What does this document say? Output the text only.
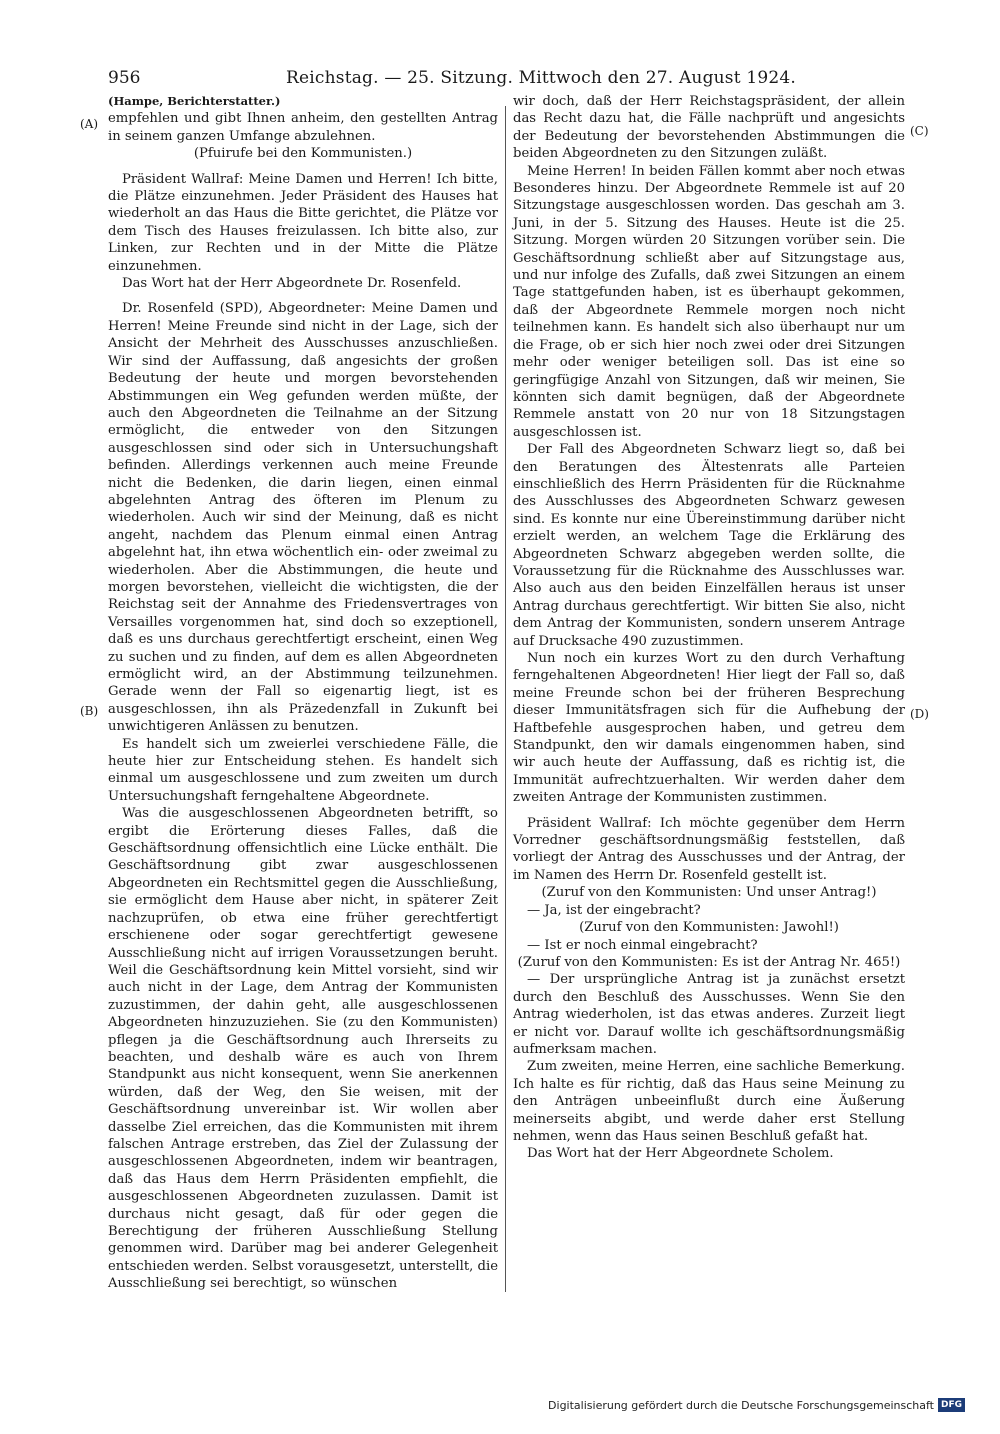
956	Reichstag. — 25. Sitzung. Mittwoch den 27. August 1924.
(A)
(B)
(C)
(D)

(Hampe, Berichterstatter.)

empfehlen und gibt Ihnen anheim, den gestellten Antrag in seinem ganzen Umfange abzulehnen.

(Pfuirufe bei den Kommunisten.)

Präsident Wallraf: Meine Damen und Herren! Ich bitte, die Plätze einzunehmen. Jeder Präsident des Hauses hat wiederholt an das Haus die Bitte gerichtet, die Plätze vor dem Tisch des Hauses freizulassen. Ich bitte also, zur Linken, zur Rechten und in der Mitte die Plätze einzunehmen.

Das Wort hat der Herr Abgeordnete Dr. Rosenfeld.

Dr. Rosenfeld (SPD), Abgeordneter: Meine Damen und Herren! Meine Freunde sind nicht in der Lage, sich der Ansicht der Mehrheit des Ausschusses anzuschließen. Wir sind der Auffassung, daß angesichts der großen Bedeutung der heute und morgen bevorstehenden Abstimmungen ein Weg gefunden werden müßte, der auch den Abgeordneten die Teilnahme an der Sitzung ermöglicht, die entweder von den Sitzungen ausgeschlossen sind oder sich in Untersuchungshaft befinden. Allerdings verkennen auch meine Freunde nicht die Bedenken, die darin liegen, einen einmal abgelehnten Antrag des öfteren im Plenum zu wiederholen. Auch wir sind der Meinung, daß es nicht angeht, nachdem das Plenum einmal einen Antrag abgelehnt hat, ihn etwa wöchentlich ein- oder zweimal zu wiederholen. Aber die Abstimmungen, die heute und morgen bevorstehen, vielleicht die wichtigsten, die der Reichstag seit der Annahme des Friedensvertrages von Versailles vorgenommen hat, sind doch so exzeptionell, daß es uns durchaus gerechtfertigt erscheint, einen Weg zu suchen und zu finden, auf dem es allen Abgeordneten ermöglicht wird, an der Abstimmung teilzunehmen. Gerade wenn der Fall so eigenartig liegt, ist es ausgeschlossen, ihn als Präzedenzfall in Zukunft bei unwichtigeren Anlässen zu benutzen.

Es handelt sich um zweierlei verschiedene Fälle, die heute hier zur Entscheidung stehen. Es handelt sich einmal um ausgeschlossene und zum zweiten um durch Untersuchungshaft ferngehaltene Abgeordnete.

Was die ausgeschlossenen Abgeordneten betrifft, so ergibt die Erörterung dieses Falles, daß die Geschäftsordnung offensichtlich eine Lücke enthält. Die Geschäftsordnung gibt zwar ausgeschlossenen Abgeordneten ein Rechtsmittel gegen die Ausschließung, sie ermöglicht dem Hause aber nicht, in späterer Zeit nachzuprüfen, ob etwa eine früher gerechtfertigt erschienene oder sogar gerechtfertigt gewesene Ausschließung nicht auf irrigen Voraussetzungen beruht. Weil die Geschäftsordnung kein Mittel vorsieht, sind wir auch nicht in der Lage, dem Antrag der Kommunisten zuzustimmen, der dahin geht, alle ausgeschlossenen Abgeordneten hinzuzuziehen. Sie (zu den Kommunisten) pflegen ja die Geschäftsordnung auch Ihrerseits zu beachten, und deshalb wäre es auch von Ihrem Standpunkt aus nicht konsequent, wenn Sie anerkennen würden, daß der Weg, den Sie weisen, mit der Geschäftsordnung unvereinbar ist. Wir wollen aber dasselbe Ziel erreichen, das die Kommunisten mit ihrem falschen Antrage erstreben, das Ziel der Zulassung der ausgeschlossenen Abgeordneten, indem wir beantragen, daß das Haus dem Herrn Präsidenten empfiehlt, die ausgeschlossenen Abgeordneten zuzulassen. Damit ist durchaus nicht gesagt, daß für oder gegen die Berechtigung der früheren Ausschließung Stellung genommen wird. Darüber mag bei anderer Gelegenheit entschieden werden. Selbst vorausgesetzt, unterstellt, die Ausschließung sei berechtigt, so wünschen

wir doch, daß der Herr Reichstagspräsident, der allein das Recht dazu hat, die Fälle nachprüft und angesichts der Bedeutung der bevorstehenden Abstimmungen die beiden Abgeordneten zu den Sitzungen zuläßt.

Meine Herren! In beiden Fällen kommt aber noch etwas Besonderes hinzu. Der Abgeordnete Remmele ist auf 20 Sitzungstage ausgeschlossen worden. Das geschah am 3. Juni, in der 5. Sitzung des Hauses. Heute ist die 25. Sitzung. Morgen würden 20 Sitzungen vorüber sein. Die Geschäftsordnung schließt aber auf Sitzungstage aus, und nur infolge des Zufalls, daß zwei Sitzungen an einem Tage stattgefunden haben, ist es überhaupt gekommen, daß der Abgeordnete Remmele morgen noch nicht teilnehmen kann. Es handelt sich also überhaupt nur um die Frage, ob er sich hier noch zwei oder drei Sitzungen mehr oder weniger beteiligen soll. Das ist eine so geringfügige Anzahl von Sitzungen, daß wir meinen, Sie könnten sich damit begnügen, daß der Abgeordnete Remmele anstatt von 20 nur von 18 Sitzungstagen ausgeschlossen ist.

Der Fall des Abgeordneten Schwarz liegt so, daß bei den Beratungen des Ältestenrats alle Parteien einschließlich des Herrn Präsidenten für die Rücknahme des Ausschlusses des Abgeordneten Schwarz gewesen sind. Es konnte nur eine Übereinstimmung darüber nicht erzielt werden, an welchem Tage die Erklärung des Abgeordneten Schwarz abgegeben werden sollte, die Voraussetzung für die Rücknahme des Ausschlusses war. Also auch aus den beiden Einzelfällen heraus ist unser Antrag durchaus gerechtfertigt. Wir bitten Sie also, nicht dem Antrag der Kommunisten, sondern unserem Antrage auf Drucksache 490 zuzustimmen.

Nun noch ein kurzes Wort zu den durch Verhaftung ferngehaltenen Abgeordneten! Hier liegt der Fall so, daß meine Freunde schon bei der früheren Besprechung dieser Immunitätsfragen sich für die Aufhebung der Haftbefehle ausgesprochen haben, und getreu dem Standpunkt, den wir damals eingenommen haben, sind wir auch heute der Auffassung, daß es richtig ist, die Immunität aufrechtzuerhalten. Wir werden daher dem zweiten Antrage der Kommunisten zustimmen.

Präsident Wallraf: Ich möchte gegenüber dem Herrn Vorredner geschäftsordnungsmäßig feststellen, daß vorliegt der Antrag des Ausschusses und der Antrag, der im Namen des Herrn Dr. Rosenfeld gestellt ist.

(Zuruf von den Kommunisten: Und unser Antrag!)

— Ja, ist der eingebracht?

(Zuruf von den Kommunisten: Jawohl!)

— Ist er noch einmal eingebracht?

(Zuruf von den Kommunisten: Es ist der Antrag Nr. 465!)

— Der ursprüngliche Antrag ist ja zunächst ersetzt durch den Beschluß des Ausschusses. Wenn Sie den Antrag wiederholen, ist das etwas anderes. Zurzeit liegt er nicht vor. Darauf wollte ich geschäftsordnungsmäßig aufmerksam machen.

Zum zweiten, meine Herren, eine sachliche Bemerkung. Ich halte es für richtig, daß das Haus seine Meinung zu den Anträgen unbeeinflußt durch eine Äußerung meinerseits abgibt, und werde daher erst Stellung nehmen, wenn das Haus seinen Beschluß gefaßt hat.

Das Wort hat der Herr Abgeordnete Scholem.

Digitalisierung gefördert durch die Deutsche Forschungsgemeinschaft DFG
